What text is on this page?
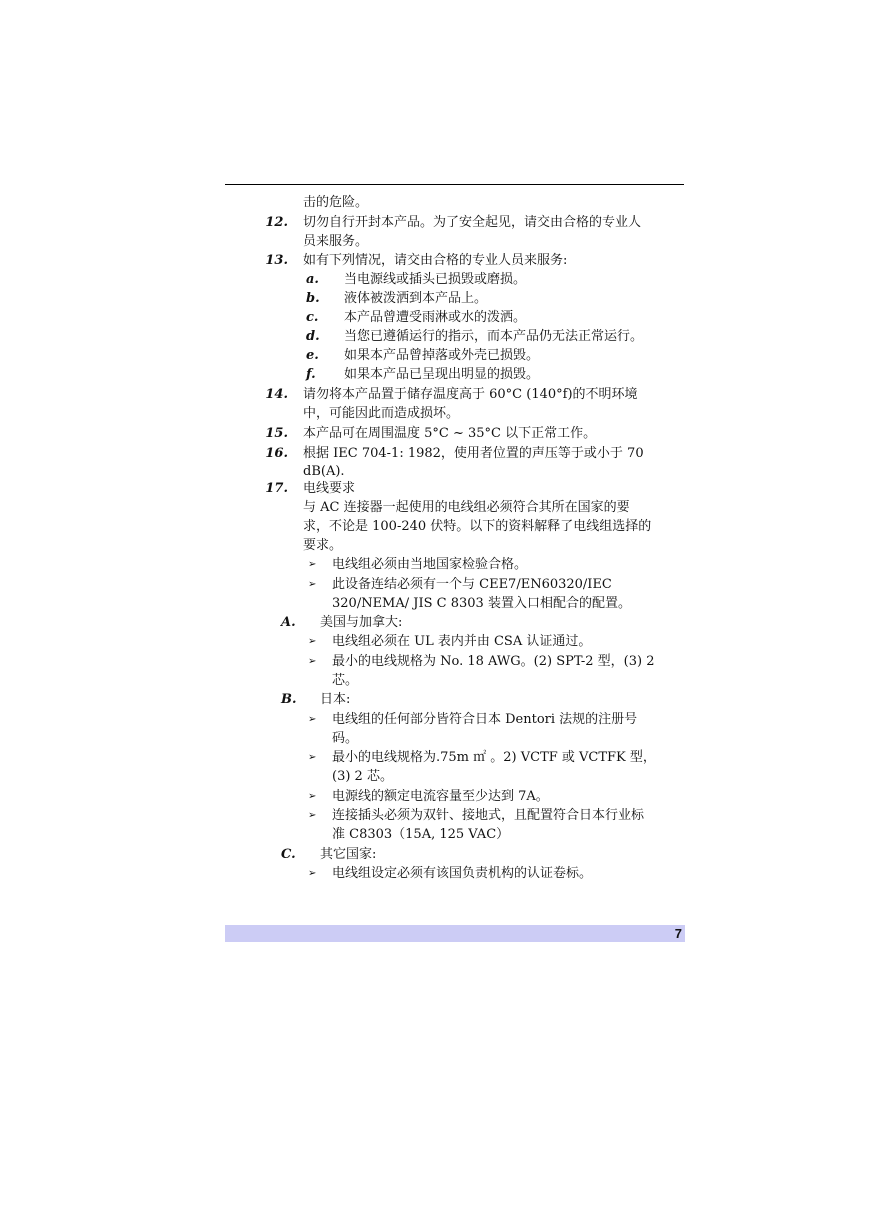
击的危险。
12. 切勿自行开封本产品。为了安全起见，请交由合格的专业人
员来服务。
13. 如有下列情况，请交由合格的专业人员来服务:
a. 当电源线或插头已损毁或磨损。
b. 液体被泼洒到本产品上。
c. 本产品曾遭受雨淋或水的泼洒。
d. 当您已遵循运行的指示，而本产品仍无法正常运行。
e. 如果本产品曾掉落或外壳已损毁。
f. 如果本产品已呈现出明显的损毁。
14. 请勿将本产品置于储存温度高于 60°C (140°f)的不明环境
中，可能因此而造成损坏。
15. 本产品可在周围温度 5°C ~ 35°C 以下正常工作。
16. 根据 IEC 704-1: 1982，使用者位置的声压等于或小于 70
dB(A).
17. 电线要求
与 AC 连接器一起使用的电线组必须符合其所在国家的要
求，不论是 100-240 伏特。以下的资料解释了电线组选择的
要求。
➢ 电线组必须由当地国家检验合格。
➢ 此设备连结必须有一个与 CEE7/EN60320/IEC
320/NEMA/ JIS C 8303 装置入口相配合的配置。
A. 美国与加拿大:
➢ 电线组必须在 UL 表内并由 CSA 认证通过。
➢ 最小的电线规格为 No. 18 AWG。(2) SPT-2 型，(3) 2
芯。
B. 日本:
➢ 电线组的任何部分皆符合日本 Dentori 法规的注册号
码。
➢ 最小的电线规格为.75m ㎡ 。2) VCTF 或 VCTFK 型，
(3) 2 芯。
➢ 电源线的额定电流容量至少达到 7A。
➢ 连接插头必须为双针、接地式，且配置符合日本行业标
准 C8303（15A, 125 VAC）
C. 其它国家:
➢ 电线组设定必须有该国负责机构的认证卷标。
7
